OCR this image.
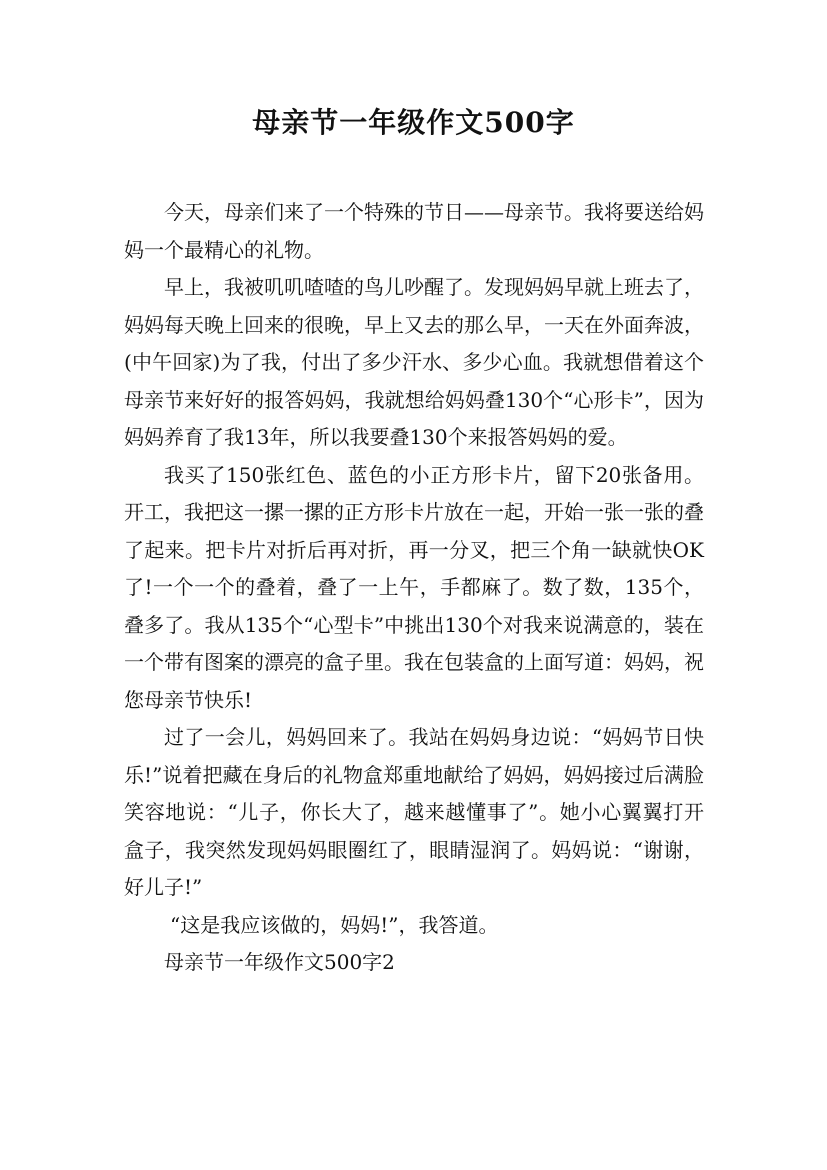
母亲节一年级作文500字

今天，母亲们来了一个特殊的节日——母亲节。我将要送给妈妈一个最精心的礼物。

早上，我被叽叽喳喳的鸟儿吵醒了。发现妈妈早就上班去了，妈妈每天晚上回来的很晚，早上又去的那么早，一天在外面奔波，(中午回家)为了我，付出了多少汗水、多少心血。我就想借着这个母亲节来好好的报答妈妈，我就想给妈妈叠130个“心形卡”，因为妈妈养育了我13年，所以我要叠130个来报答妈妈的爱。

我买了150张红色、蓝色的小正方形卡片，留下20张备用。开工，我把这一摞一摞的正方形卡片放在一起，开始一张一张的叠了起来。把卡片对折后再对折，再一分叉，把三个角一缺就快OK了!一个一个的叠着，叠了一上午，手都麻了。数了数，135个，叠多了。我从135个“心型卡”中挑出130个对我来说满意的，装在一个带有图案的漂亮的盒子里。我在包装盒的上面写道：妈妈，祝您母亲节快乐!

过了一会儿，妈妈回来了。我站在妈妈身边说：“妈妈节日快乐!”说着把藏在身后的礼物盒郑重地献给了妈妈，妈妈接过后满脸笑容地说：“儿子，你长大了，越来越懂事了”。她小心翼翼打开盒子，我突然发现妈妈眼圈红了，眼睛湿润了。妈妈说：“谢谢，好儿子!”

“这是我应该做的，妈妈!”，我答道。

母亲节一年级作文500字2
